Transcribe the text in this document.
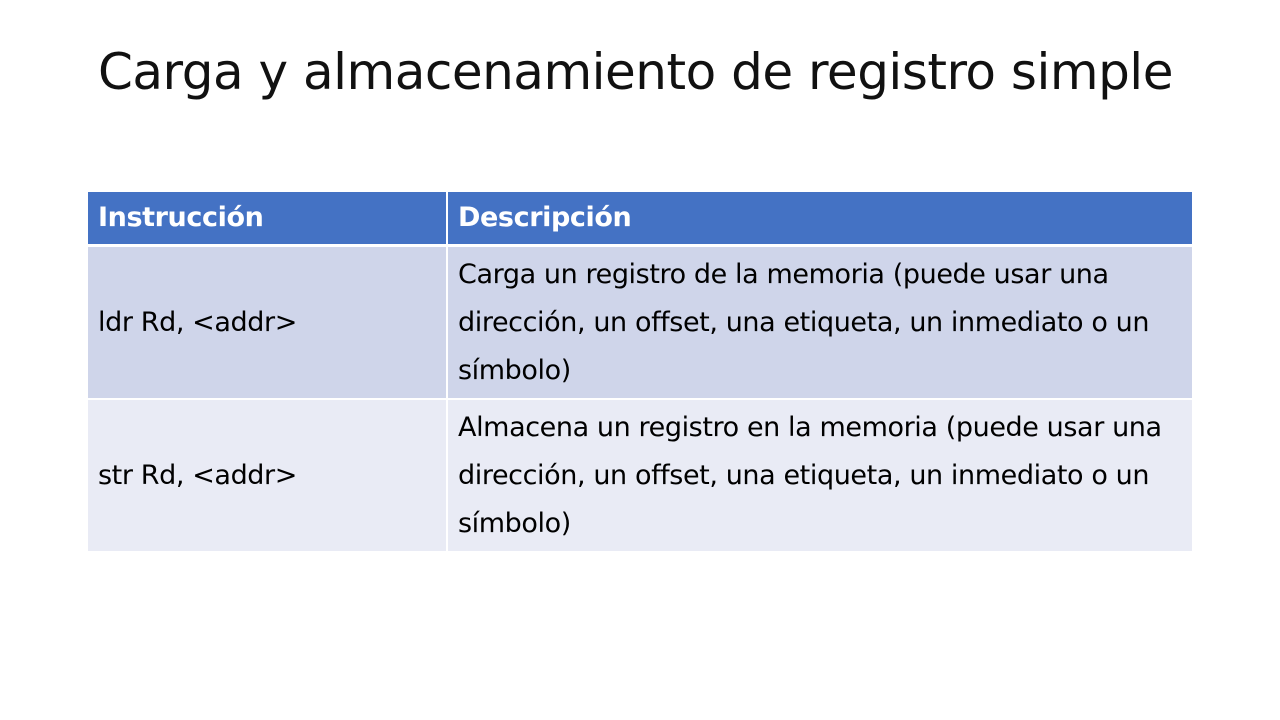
Carga y almacenamiento de registro simple
Instrucción	Descripción
ldr Rd, <addr>	Carga un registro de la memoria (puede usar una dirección, un offset, una etiqueta, un inmediato o un símbolo)
str Rd, <addr>	Almacena un registro en la memoria (puede usar una dirección, un offset, una etiqueta, un inmediato o un símbolo)
